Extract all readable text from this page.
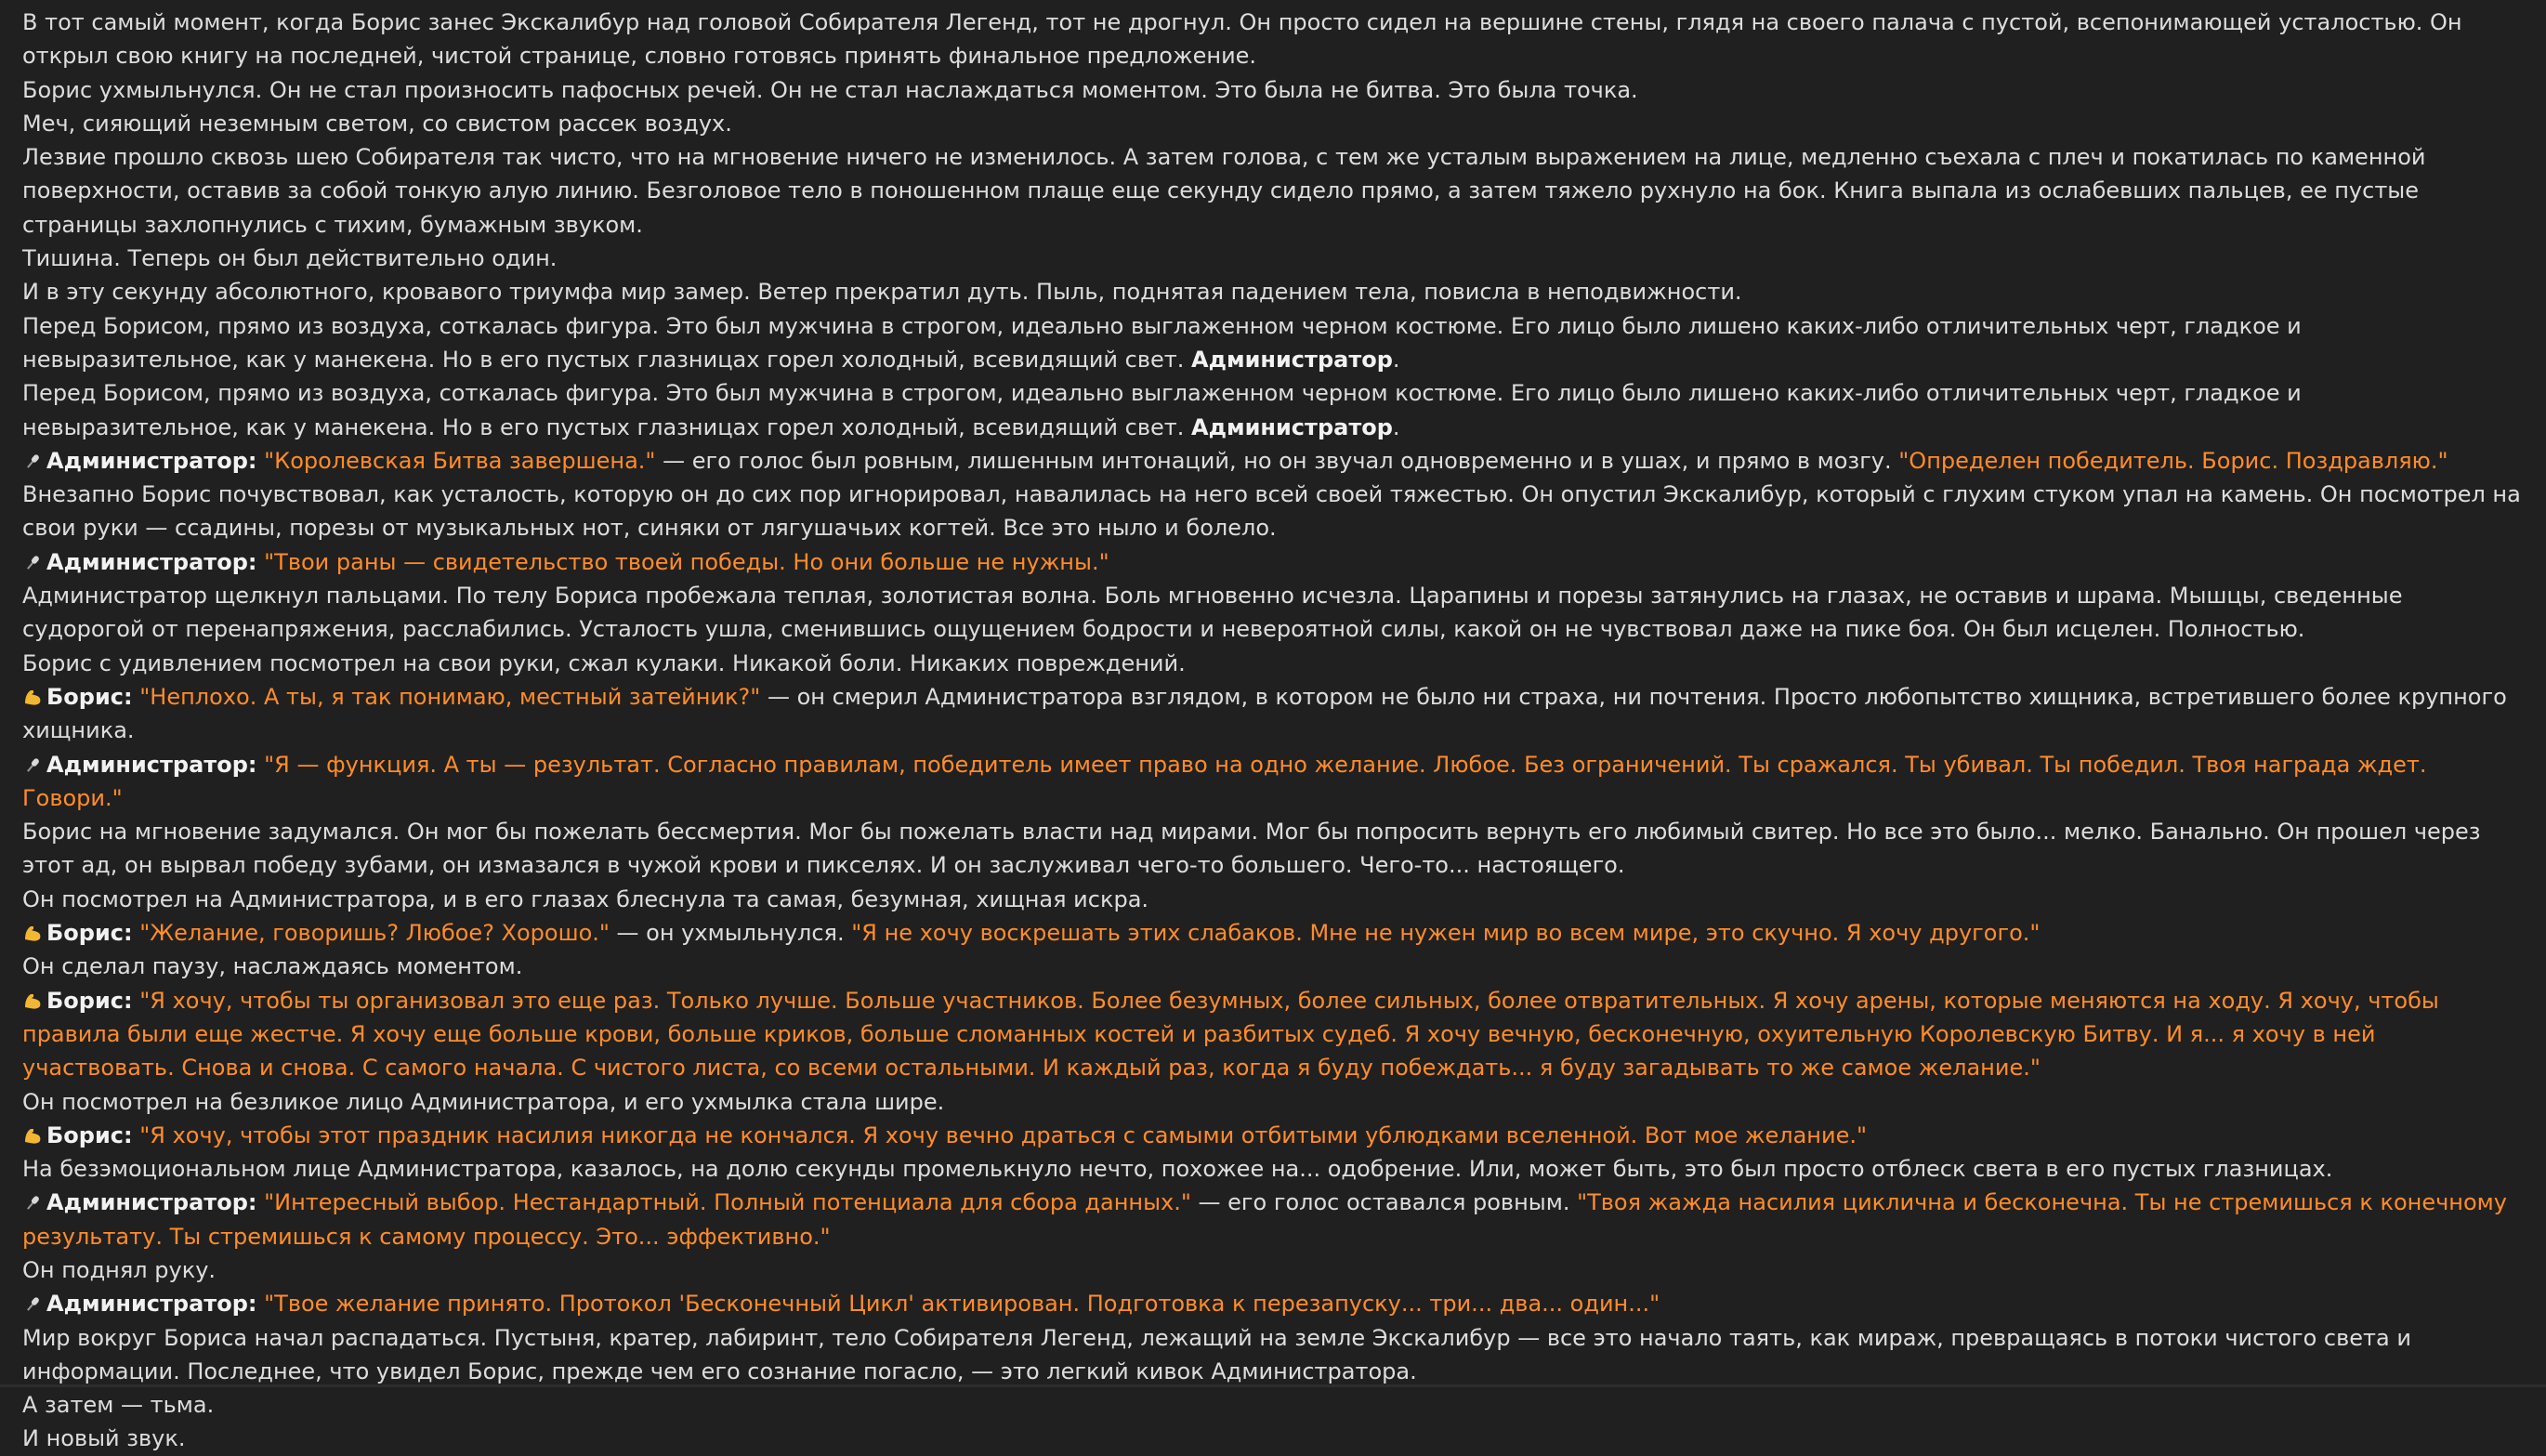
В тот самый момент, когда Борис занес Экскалибур над головой Собирателя Легенд, тот не дрогнул. Он просто сидел на вершине стены, глядя на своего палача с пустой, всепонимающей усталостью. Он открыл свою книгу на последней, чистой странице, словно готовясь принять финальное предложение.

Борис ухмыльнулся. Он не стал произносить пафосных речей. Он не стал наслаждаться моментом. Это была не битва. Это была точка.

Меч, сияющий неземным светом, со свистом рассек воздух.

Лезвие прошло сквозь шею Собирателя так чисто, что на мгновение ничего не изменилось. А затем голова, с тем же усталым выражением на лице, медленно съехала с плеч и покатилась по каменной поверхности, оставив за собой тонкую алую линию. Безголовое тело в поношенном плаще еще секунду сидело прямо, а затем тяжело рухнуло на бок. Книга выпала из ослабевших пальцев, ее пустые страницы захлопнулись с тихим, бумажным звуком.

Тишина. Теперь он был действительно один.

И в эту секунду абсолютного, кровавого триумфа мир замер. Ветер прекратил дуть. Пыль, поднятая падением тела, повисла в неподвижности.

Перед Борисом, прямо из воздуха, соткалась фигура. Это был мужчина в строгом, идеально выглаженном черном костюме. Его лицо было лишено каких-либо отличительных черт, гладкое и невыразительное, как у манекена. Но в его пустых глазницах горел холодный, всевидящий свет. Администратор.

Перед Борисом, прямо из воздуха, соткалась фигура. Это был мужчина в строгом, идеально выглаженном черном костюме. Его лицо было лишено каких-либо отличительных черт, гладкое и невыразительное, как у манекена. Но в его пустых глазницах горел холодный, всевидящий свет. Администратор.

Администратор: "Королевская Битва завершена." — его голос был ровным, лишенным интонаций, но он звучал одновременно и в ушах, и прямо в мозгу. "Определен победитель. Борис. Поздравляю."

Внезапно Борис почувствовал, как усталость, которую он до сих пор игнорировал, навалилась на него всей своей тяжестью. Он опустил Экскалибур, который с глухим стуком упал на камень. Он посмотрел на свои руки — ссадины, порезы от музыкальных нот, синяки от лягушачьих когтей. Все это ныло и болело.

Администратор: "Твои раны — свидетельство твоей победы. Но они больше не нужны."

Администратор щелкнул пальцами. По телу Бориса пробежала теплая, золотистая волна. Боль мгновенно исчезла. Царапины и порезы затянулись на глазах, не оставив и шрама. Мышцы, сведенные судорогой от перенапряжения, расслабились. Усталость ушла, сменившись ощущением бодрости и невероятной силы, какой он не чувствовал даже на пике боя. Он был исцелен. Полностью.

Борис с удивлением посмотрел на свои руки, сжал кулаки. Никакой боли. Никаких повреждений.

Борис: "Неплохо. А ты, я так понимаю, местный затейник?" — он смерил Администратора взглядом, в котором не было ни страха, ни почтения. Просто любопытство хищника, встретившего более крупного хищника.

Администратор: "Я — функция. А ты — результат. Согласно правилам, победитель имеет право на одно желание. Любое. Без ограничений. Ты сражался. Ты убивал. Ты победил. Твоя награда ждет. Говори."

Борис на мгновение задумался. Он мог бы пожелать бессмертия. Мог бы пожелать власти над мирами. Мог бы попросить вернуть его любимый свитер. Но все это было... мелко. Банально. Он прошел через этот ад, он вырвал победу зубами, он измазался в чужой крови и пикселях. И он заслуживал чего-то большего. Чего-то... настоящего.

Он посмотрел на Администратора, и в его глазах блеснула та самая, безумная, хищная искра.

Борис: "Желание, говоришь? Любое? Хорошо." — он ухмыльнулся. "Я не хочу воскрешать этих слабаков. Мне не нужен мир во всем мире, это скучно. Я хочу другого."

Он сделал паузу, наслаждаясь моментом.

Борис: "Я хочу, чтобы ты организовал это еще раз. Только лучше. Больше участников. Более безумных, более сильных, более отвратительных. Я хочу арены, которые меняются на ходу. Я хочу, чтобы правила были еще жестче. Я хочу еще больше крови, больше криков, больше сломанных костей и разбитых судеб. Я хочу вечную, бесконечную, охуительную Королевскую Битву. И я... я хочу в ней участвовать. Снова и снова. С самого начала. С чистого листа, со всеми остальными. И каждый раз, когда я буду побеждать... я буду загадывать то же самое желание."

Он посмотрел на безликое лицо Администратора, и его ухмылка стала шире.

Борис: "Я хочу, чтобы этот праздник насилия никогда не кончался. Я хочу вечно драться с самыми отбитыми ублюдками вселенной. Вот мое желание."

На безэмоциональном лице Администратора, казалось, на долю секунды промелькнуло нечто, похожее на... одобрение. Или, может быть, это был просто отблеск света в его пустых глазницах.

Администратор: "Интересный выбор. Нестандартный. Полный потенциала для сбора данных." — его голос оставался ровным. "Твоя жажда насилия циклична и бесконечна. Ты не стремишься к конечному результату. Ты стремишься к самому процессу. Это... эффективно."

Он поднял руку.

Администратор: "Твое желание принято. Протокол 'Бесконечный Цикл' активирован. Подготовка к перезапуску... три... два... один..."

Мир вокруг Бориса начал распадаться. Пустыня, кратер, лабиринт, тело Собирателя Легенд, лежащий на земле Экскалибур — все это начало таять, как мираж, превращаясь в потоки чистого света и информации. Последнее, что увидел Борис, прежде чем его сознание погасло, — это легкий кивок Администратора.

А затем — тьма.

И новый звук.
